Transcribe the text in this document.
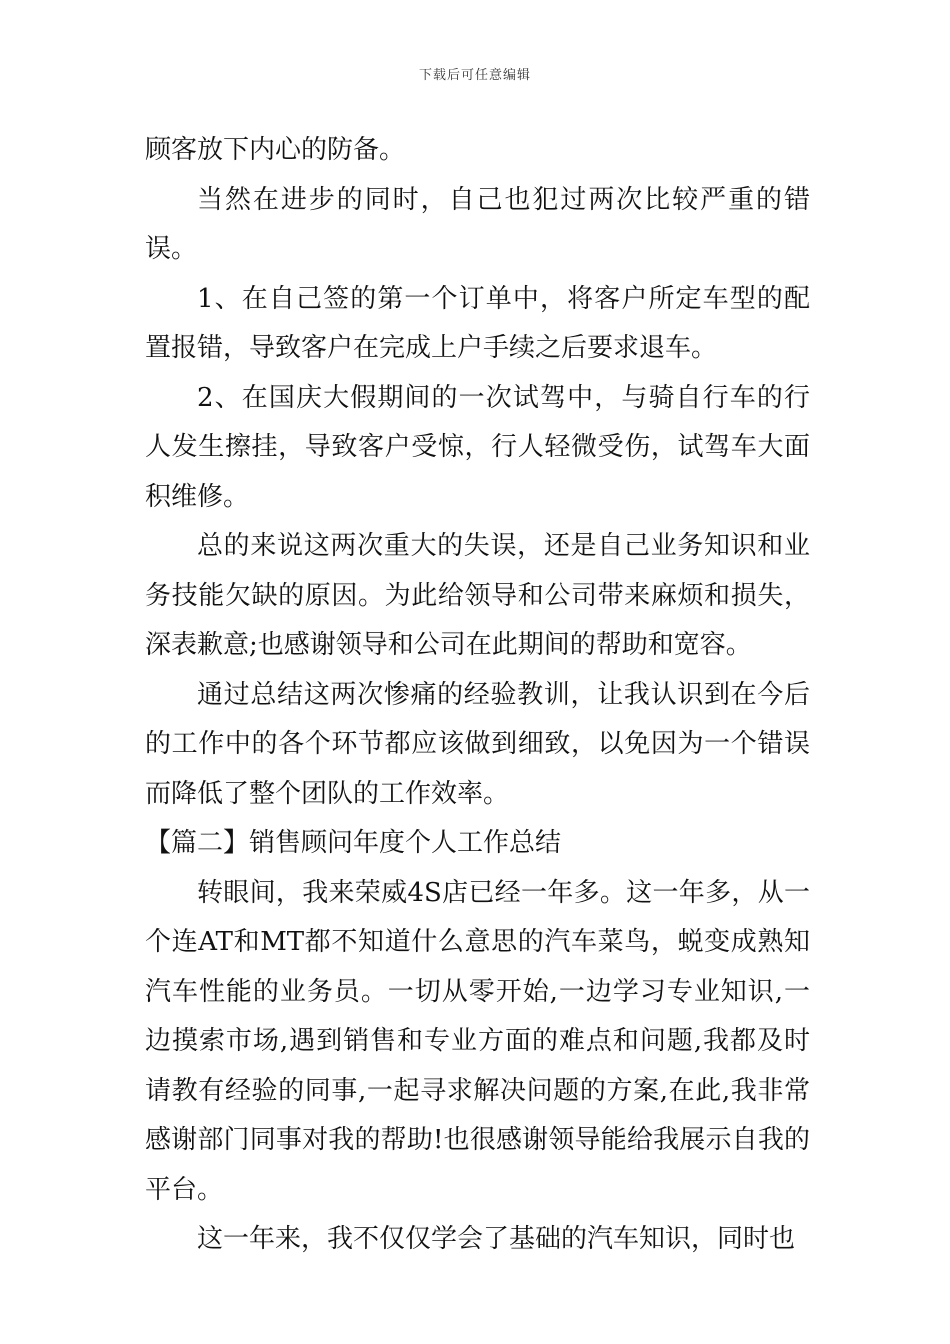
下载后可任意编辑

顾客放下内心的防备。

当然在进步的同时，自己也犯过两次比较严重的错误。

1、在自己签的第一个订单中，将客户所定车型的配置报错，导致客户在完成上户手续之后要求退车。

2、在国庆大假期间的一次试驾中，与骑自行车的行人发生擦挂，导致客户受惊，行人轻微受伤，试驾车大面积维修。

总的来说这两次重大的失误，还是自己业务知识和业务技能欠缺的原因。为此给领导和公司带来麻烦和损失，深表歉意;也感谢领导和公司在此期间的帮助和宽容。

通过总结这两次惨痛的经验教训，让我认识到在今后的工作中的各个环节都应该做到细致，以免因为一个错误而降低了整个团队的工作效率。

【篇二】销售顾问年度个人工作总结

转眼间，我来荣威4S店已经一年多。这一年多，从一个连AT和MT都不知道什么意思的汽车菜鸟，蜕变成熟知汽车性能的业务员。一切从零开始,一边学习专业知识,一边摸索市场,遇到销售和专业方面的难点和问题,我都及时请教有经验的同事,一起寻求解决问题的方案,在此,我非常感谢部门同事对我的帮助!也很感谢领导能给我展示自我的平台。

这一年来，我不仅仅学会了基础的汽车知识，同时也
